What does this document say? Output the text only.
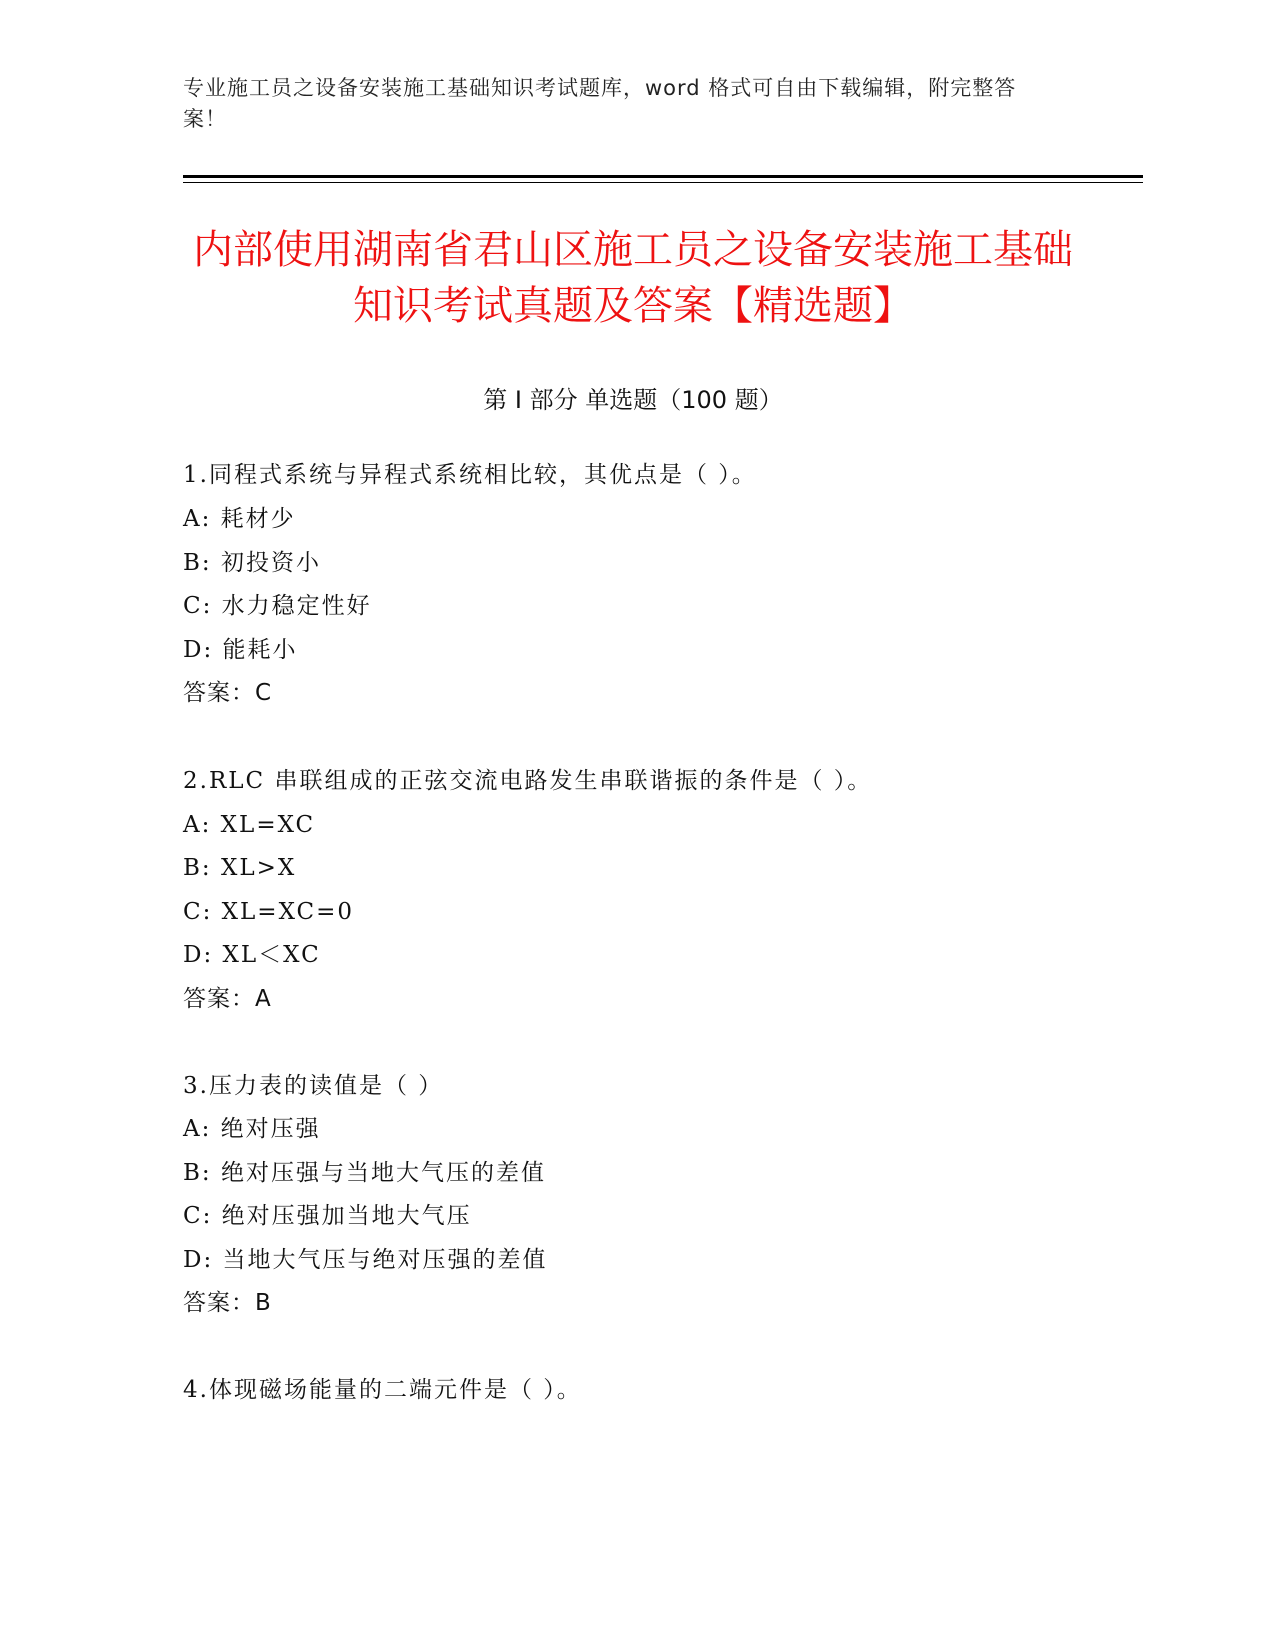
专业施工员之设备安装施工基础知识考试题库，word 格式可自由下载编辑，附完整答案！
内部使用湖南省君山区施工员之设备安装施工基础知识考试真题及答案【精选题】
第 I 部分 单选题（100 题）
1.同程式系统与异程式系统相比较，其优点是（ ）。
A: 耗材少
B: 初投资小
C: 水力稳定性好
D: 能耗小
答案：C
2.RLC 串联组成的正弦交流电路发生串联谐振的条件是（ ）。
A: XL=XC
B: XL>X
C: XL=XC=0
D: XL＜XC
答案：A
3.压力表的读值是（ ）
A: 绝对压强
B: 绝对压强与当地大气压的差值
C: 绝对压强加当地大气压
D: 当地大气压与绝对压强的差值
答案：B
4.体现磁场能量的二端元件是（ ）。
